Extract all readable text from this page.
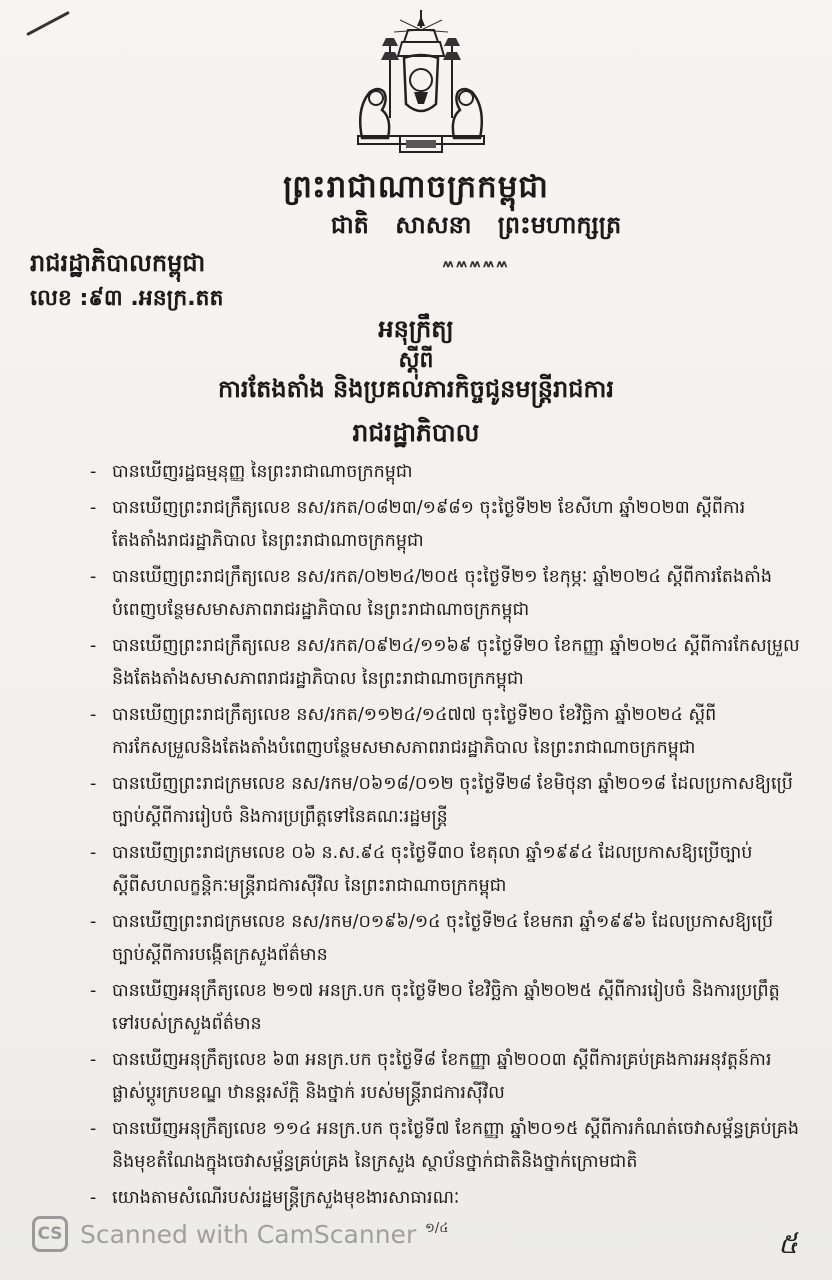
ព្រះរាជាណាចក្រកម្ពុជា
ជាតិ សាសនា ព្រះមហាក្សត្រ
៳៳៳៳៳
រាជរដ្ឋាភិបាលកម្ពុជា
លេខ :៩៣ .អនក្រ.តត
អនុក្រឹត្យ
ស្តីពី
ការតែងតាំង និងប្រគល់ភារកិច្ចជូនមន្ត្រីរាជការ
រាជរដ្ឋាភិបាល
- បានឃើញរដ្ឋធម្មនុញ្ញ នៃព្រះរាជាណាចក្រកម្ពុជា
- បានឃើញព្រះរាជក្រឹត្យលេខ នស/រកត/០៨២៣/១៩៨១ ចុះថ្ងៃទី២២ ខែសីហា ឆ្នាំ២០២៣ ស្តីពីការតែងតាំងរាជរដ្ឋាភិបាល នៃព្រះរាជាណាចក្រកម្ពុជា
- បានឃើញព្រះរាជក្រឹត្យលេខ នស/រកត/០២២៤/២០៥ ចុះថ្ងៃទី២១ ខែកុម្ភៈ ឆ្នាំ២០២៤ ស្តីពីការតែងតាំងបំពេញបន្ថែមសមាសភាពរាជរដ្ឋាភិបាល នៃព្រះរាជាណាចក្រកម្ពុជា
- បានឃើញព្រះរាជក្រឹត្យលេខ នស/រកត/០៩២៤/១១៦៩ ចុះថ្ងៃទី២០ ខែកញ្ញា ឆ្នាំ២០២៤ ស្តីពីការកែសម្រួលនិងតែងតាំងសមាសភាពរាជរដ្ឋាភិបាល នៃព្រះរាជាណាចក្រកម្ពុជា
- បានឃើញព្រះរាជក្រឹត្យលេខ នស/រកត/១១២៤/១៤៧៧ ចុះថ្ងៃទី២០ ខែវិច្ឆិកា ឆ្នាំ២០២៤ ស្តីពីការកែសម្រួលនិងតែងតាំងបំពេញបន្ថែមសមាសភាពរាជរដ្ឋាភិបាល នៃព្រះរាជាណាចក្រកម្ពុជា
- បានឃើញព្រះរាជក្រមលេខ នស/រកម/០៦១៨/០១២ ចុះថ្ងៃទី២៨ ខែមិថុនា ឆ្នាំ២០១៨ ដែលប្រកាសឱ្យប្រើច្បាប់ស្តីពីការរៀបចំ និងការប្រព្រឹត្តទៅនៃគណៈរដ្ឋមន្ត្រី
- បានឃើញព្រះរាជក្រមលេខ ០៦ ន.ស.៩៤ ចុះថ្ងៃទី៣០ ខែតុលា ឆ្នាំ១៩៩៤ ដែលប្រកាសឱ្យប្រើច្បាប់ស្តីពីសហលក្ខន្តិកៈមន្ត្រីរាជការស៊ីវិល នៃព្រះរាជាណាចក្រកម្ពុជា
- បានឃើញព្រះរាជក្រមលេខ នស/រកម/០១៩៦/១៤ ចុះថ្ងៃទី២៤ ខែមករា ឆ្នាំ១៩៩៦ ដែលប្រកាសឱ្យប្រើច្បាប់ស្តីពីការបង្កើតក្រសួងព័ត៌មាន
- បានឃើញអនុក្រឹត្យលេខ ២១៧ អនក្រ.បក ចុះថ្ងៃទី២០ ខែវិច្ឆិកា ឆ្នាំ២០២៥ ស្តីពីការរៀបចំ និងការប្រព្រឹត្តទៅរបស់ក្រសួងព័ត៌មាន
- បានឃើញអនុក្រឹត្យលេខ ៦៣ អនក្រ.បក ចុះថ្ងៃទី៨ ខែកញ្ញា ឆ្នាំ២០០៣ ស្តីពីការគ្រប់គ្រងការអនុវត្តន៍ការផ្លាស់ប្តូរក្របខណ្ឌ ឋានន្តរស័ក្តិ និងថ្នាក់ របស់មន្ត្រីរាជការស៊ីវិល
- បានឃើញអនុក្រឹត្យលេខ ១១៤ អនក្រ.បក ចុះថ្ងៃទី៧ ខែកញ្ញា ឆ្នាំ២០១៥ ស្តីពីការកំណត់ចេវាសម្ព័ន្ធគ្រប់គ្រងនិងមុខតំណែងក្នុងចេវាសម្ព័ន្ធគ្រប់គ្រង នៃក្រសួង ស្ថាប័នថ្នាក់ជាតិនិងថ្នាក់ក្រោមជាតិ
- យោងតាមសំណើរបស់រដ្ឋមន្ត្រីក្រសួងមុខងារសាធារណៈ
CS Scanned with CamScanner ១/៤	៥
